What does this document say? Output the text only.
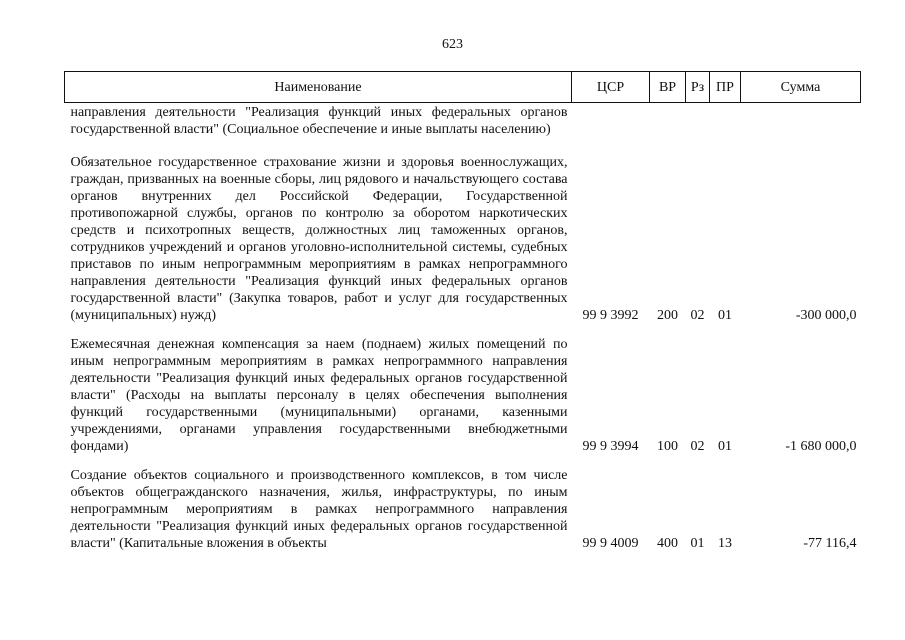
623
Наименование	ЦСР	ВР	Рз	ПР	Сумма
направления деятельности "Реализация функций иных федеральных органов государственной власти" (Социальное обеспечение и иные выплаты населению)					
Обязательное государственное страхование жизни и здоровья военнослужащих, граждан, призванных на военные сборы, лиц рядового и начальствующего состава органов внутренних дел Российской Федерации, Государственной противопожарной службы, органов по контролю за оборотом наркотических средств и психотропных веществ, должностных лиц таможенных органов, сотрудников учреждений и органов уголовно-исполнительной системы, судебных приставов по иным непрограммным мероприятиям в рамках непрограммного направления деятельности "Реализация функций иных федеральных органов государственной власти" (Закупка товаров, работ и услуг для государственных (муниципальных) нужд)	99 9 3992	200	02	01	-300 000,0
Ежемесячная денежная компенсация за наем (поднаем) жилых помещений по иным непрограммным мероприятиям в рамках непрограммного направления деятельности "Реализация функций иных федеральных органов государственной власти" (Расходы на выплаты персоналу в целях обеспечения выполнения функций государственными (муниципальными) органами, казенными учреждениями, органами управления государственными внебюджетными фондами)	99 9 3994	100	02	01	-1 680 000,0
Создание объектов социального и производственного комплексов, в том числе объектов общегражданского назначения, жилья, инфраструктуры, по иным непрограммным мероприятиям в рамках непрограммного направления деятельности "Реализация функций иных федеральных органов государственной власти" (Капитальные вложения в объекты	99 9 4009	400	01	13	-77 116,4
